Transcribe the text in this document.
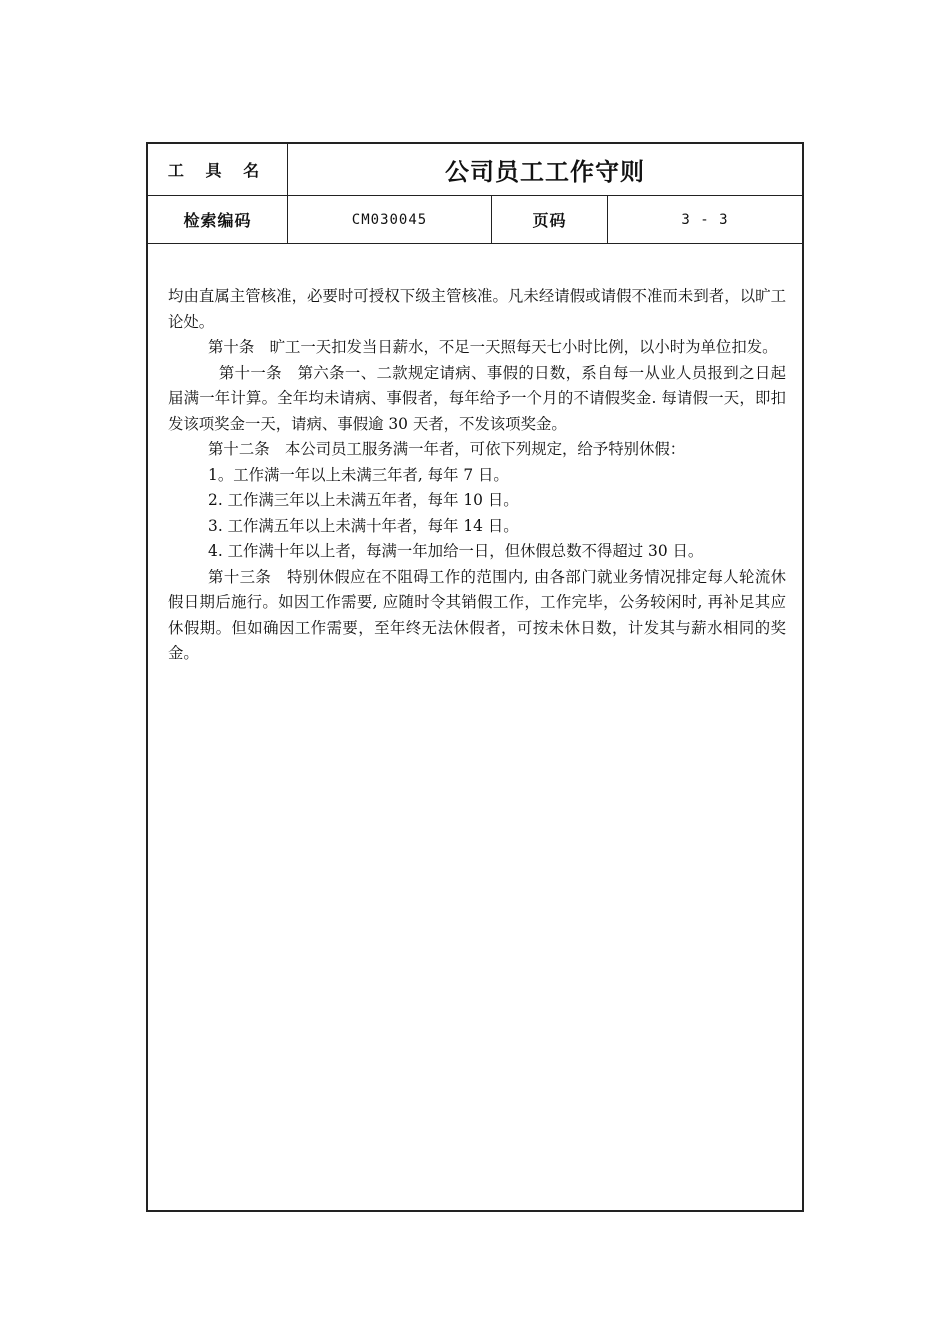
工 具 名	公司员工工作守则
检索编码	CM030045	页码	3 - 3

均由直属主管核准，必要时可授权下级主管核准。凡未经请假或请假不准而未到者，以旷工论处。

第十条　旷工一天扣发当日薪水，不足一天照每天七小时比例，以小时为单位扣发。

第十一条　第六条一、二款规定请病、事假的日数，系自每一从业人员报到之日起届满一年计算。全年均未请病、事假者，每年给予一个月的不请假奖金. 每请假一天，即扣发该项奖金一天，请病、事假逾 30 天者，不发该项奖金。

第十二条　本公司员工服务满一年者，可依下列规定，给予特别休假：

1。工作满一年以上未满三年者, 每年 7 日。

2. 工作满三年以上未满五年者，每年 10 日。

3. 工作满五年以上未满十年者，每年 14 日。

4. 工作满十年以上者，每满一年加给一日，但休假总数不得超过 30 日。

第十三条　特别休假应在不阻碍工作的范围内, 由各部门就业务情况排定每人轮流休假日期后施行。如因工作需要, 应随时令其销假工作，工作完毕，公务较闲时, 再补足其应休假期。但如确因工作需要，至年终无法休假者，可按未休日数，计发其与薪水相同的奖金。
